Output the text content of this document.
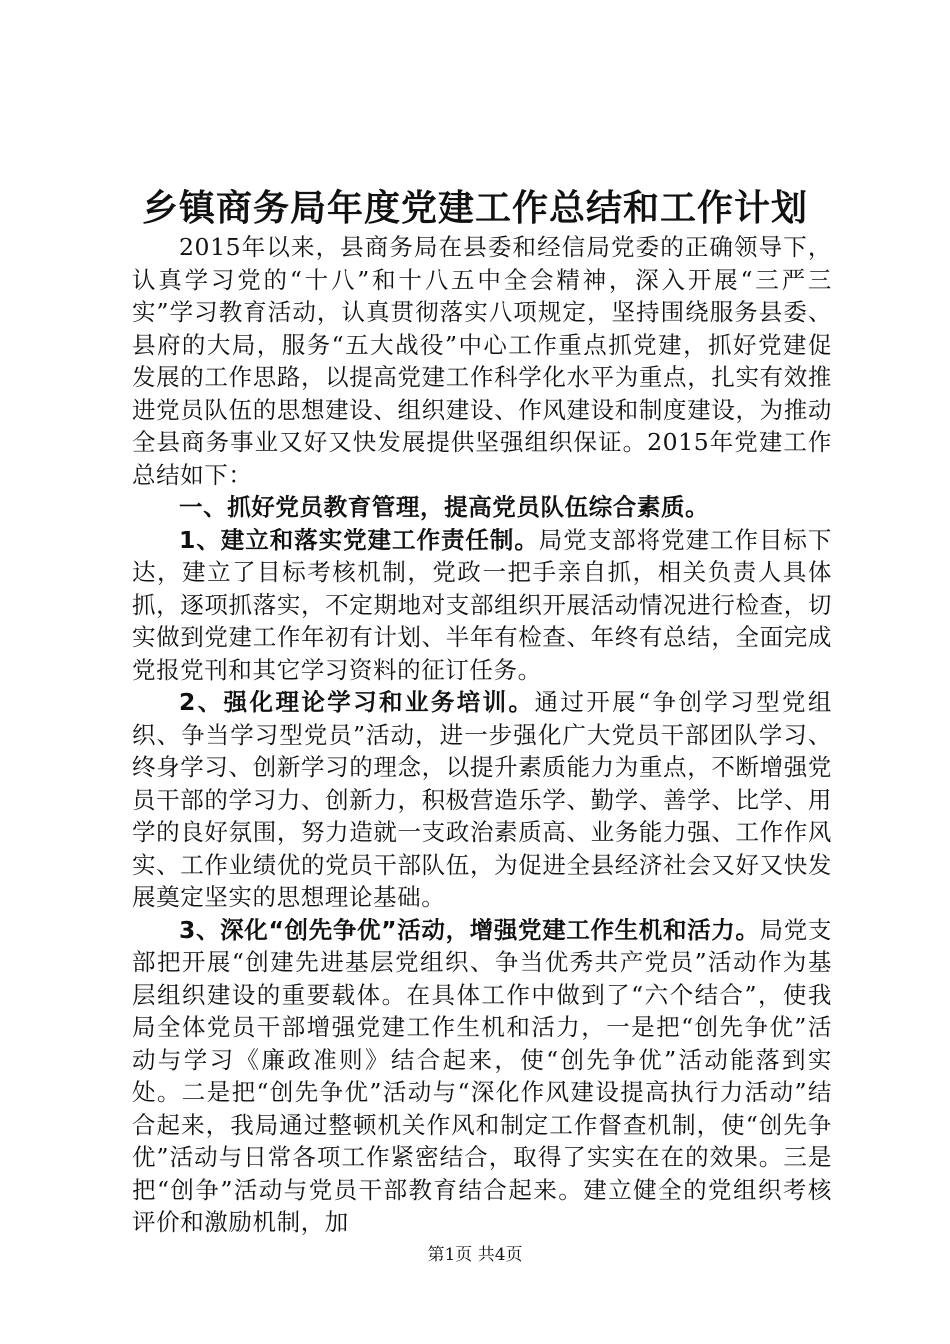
乡镇商务局年度党建工作总结和工作计划

2015年以来，县商务局在县委和经信局党委的正确领导下，认真学习党的“十八”和十八五中全会精神，深入开展“三严三实”学习教育活动，认真贯彻落实八项规定，坚持围绕服务县委、县府的大局，服务“五大战役”中心工作重点抓党建，抓好党建促发展的工作思路，以提高党建工作科学化水平为重点，扎实有效推进党员队伍的思想建设、组织建设、作风建设和制度建设，为推动全县商务事业又好又快发展提供坚强组织保证。2015年党建工作总结如下：

一、抓好党员教育管理，提高党员队伍综合素质。

1、建立和落实党建工作责任制。局党支部将党建工作目标下达，建立了目标考核机制，党政一把手亲自抓，相关负责人具体抓，逐项抓落实，不定期地对支部组织开展活动情况进行检查，切实做到党建工作年初有计划、半年有检查、年终有总结，全面完成党报党刊和其它学习资料的征订任务。

2、强化理论学习和业务培训。通过开展“争创学习型党组织、争当学习型党员”活动，进一步强化广大党员干部团队学习、终身学习、创新学习的理念，以提升素质能力为重点，不断增强党员干部的学习力、创新力，积极营造乐学、勤学、善学、比学、用学的良好氛围，努力造就一支政治素质高、业务能力强、工作作风实、工作业绩优的党员干部队伍，为促进全县经济社会又好又快发展奠定坚实的思想理论基础。

3、深化“创先争优”活动，增强党建工作生机和活力。局党支部把开展“创建先进基层党组织、争当优秀共产党员”活动作为基层组织建设的重要载体。在具体工作中做到了“六个结合”，使我局全体党员干部增强党建工作生机和活力，一是把“创先争优”活动与学习《廉政准则》结合起来，使“创先争优”活动能落到实处。二是把“创先争优”活动与“深化作风建设提高执行力活动”结合起来，我局通过整顿机关作风和制定工作督查机制，使“创先争优”活动与日常各项工作紧密结合，取得了实实在在的效果。三是把“创争”活动与党员干部教育结合起来。建立健全的党组织考核评价和激励机制，加

第1页 共4页
